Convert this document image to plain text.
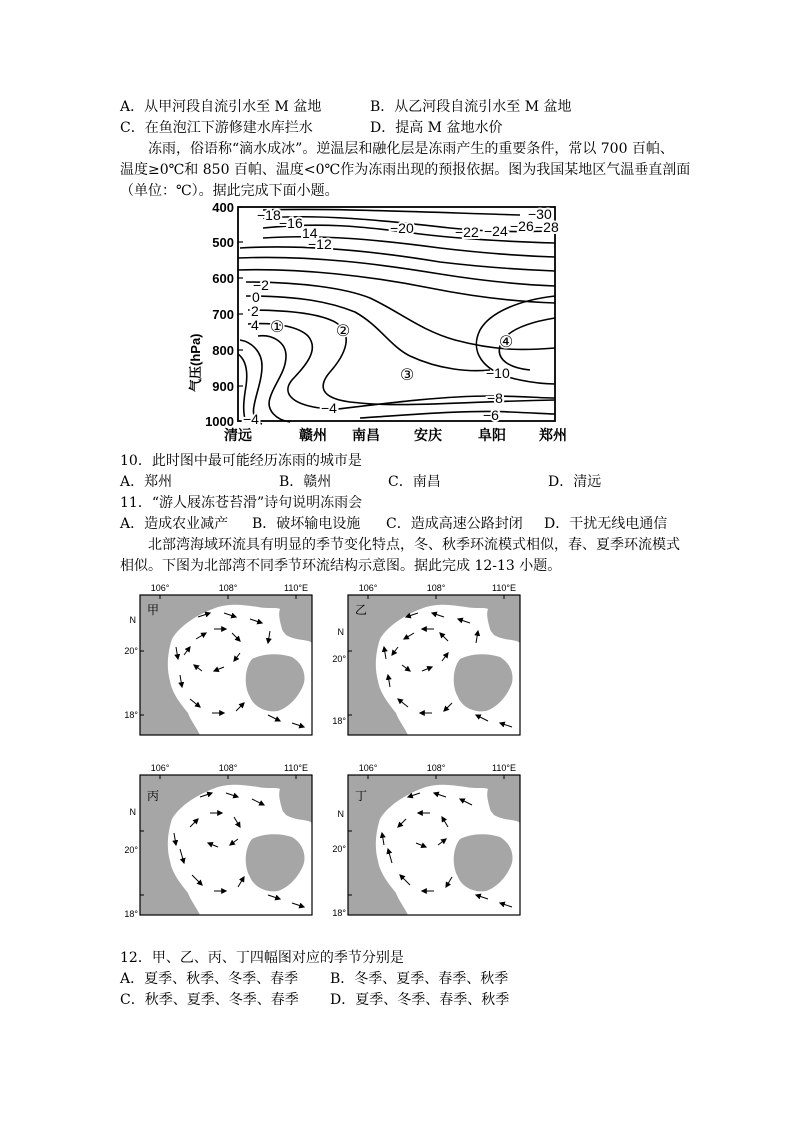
A．从甲河段自流引水至 M 盆地	B．从乙河段自流引水至 M 盆地
C．在鱼泡江下游修建水库拦水	D．提高 M 盆地水价
冻雨，俗语称“滴水成冰”。逆温层和融化层是冻雨产生的重要条件，常以 700 百帕、
温度≥0℃和 850 百帕、温度<0℃作为冻雨出现的预报依据。图为我国某地区气温垂直剖面
（单位：℃）。据此完成下面小题。
400
500
600
700
800
900
1000
气压(hPa)
清远	赣州 南昌 安庆	阜阳 郑州
−18
−16
14
−12
−20	−22 −24 −26 −28
−30
−2
0
2
4
−4
−10
−8
−6
−4
①	②
③
④
10．此时图中最可能经历冻雨的城市是
A．郑州	B．赣州	C．南昌	D．清远
11．“游人屐冻苍苔滑”诗句说明冻雨会
A．造成农业减产 B．破坏输电设施 C．造成高速公路封闭 D．干扰无线电通信
北部湾海域环流具有明显的季节变化特点，冬、秋季环流模式相似，春、夏季环流模式
相似。下图为北部湾不同季节环流结构示意图。据此完成 12-13 小题。
106°	108°	110°E	106°	108°	110°E
106°	108°	110°E	106°	108°	110°E
N
20°
18°
N
20°
18°
N
20°
18°
N
20°
18°
甲	乙
丙	丁
12．甲、乙、丙、丁四幅图对应的季节分别是
A．夏季、秋季、冬季、春季 B．冬季、夏季、春季、秋季
C．秋季、夏季、冬季、春季 D．夏季、冬季、春季、秋季
